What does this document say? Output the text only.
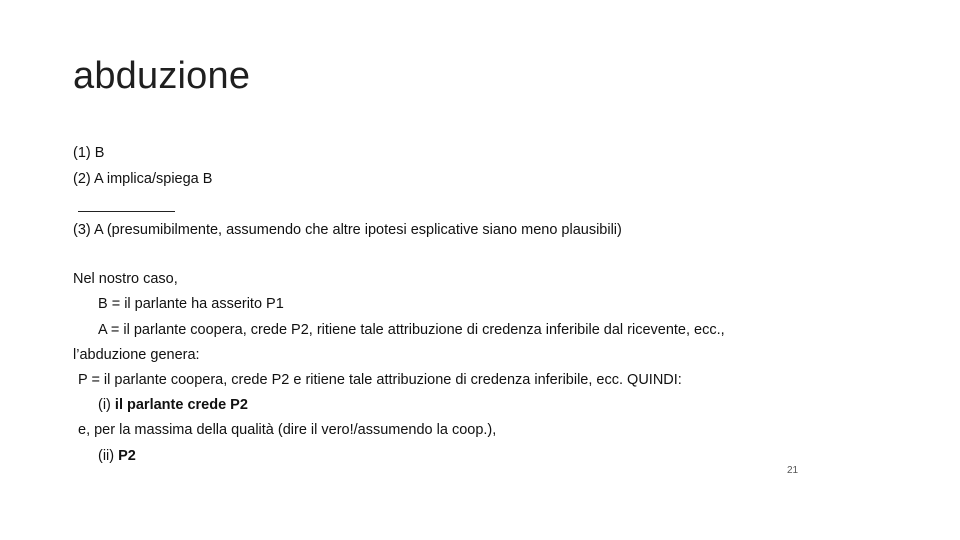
abduzione
(1) B
(2) A implica/spiega B
(3) A (presumibilmente, assumendo che altre ipotesi esplicative siano meno plausibili)
Nel nostro caso,
B = il parlante ha asserito P1
A = il parlante coopera, crede P2, ritiene tale attribuzione di credenza inferibile dal ricevente, ecc.,
l’abduzione genera:
P = il parlante coopera, crede P2 e ritiene tale attribuzione di credenza inferibile, ecc. QUINDI:
(i) il parlante crede P2
e, per la massima della qualità (dire il vero!/assumendo la coop.),
(ii) P2
21
